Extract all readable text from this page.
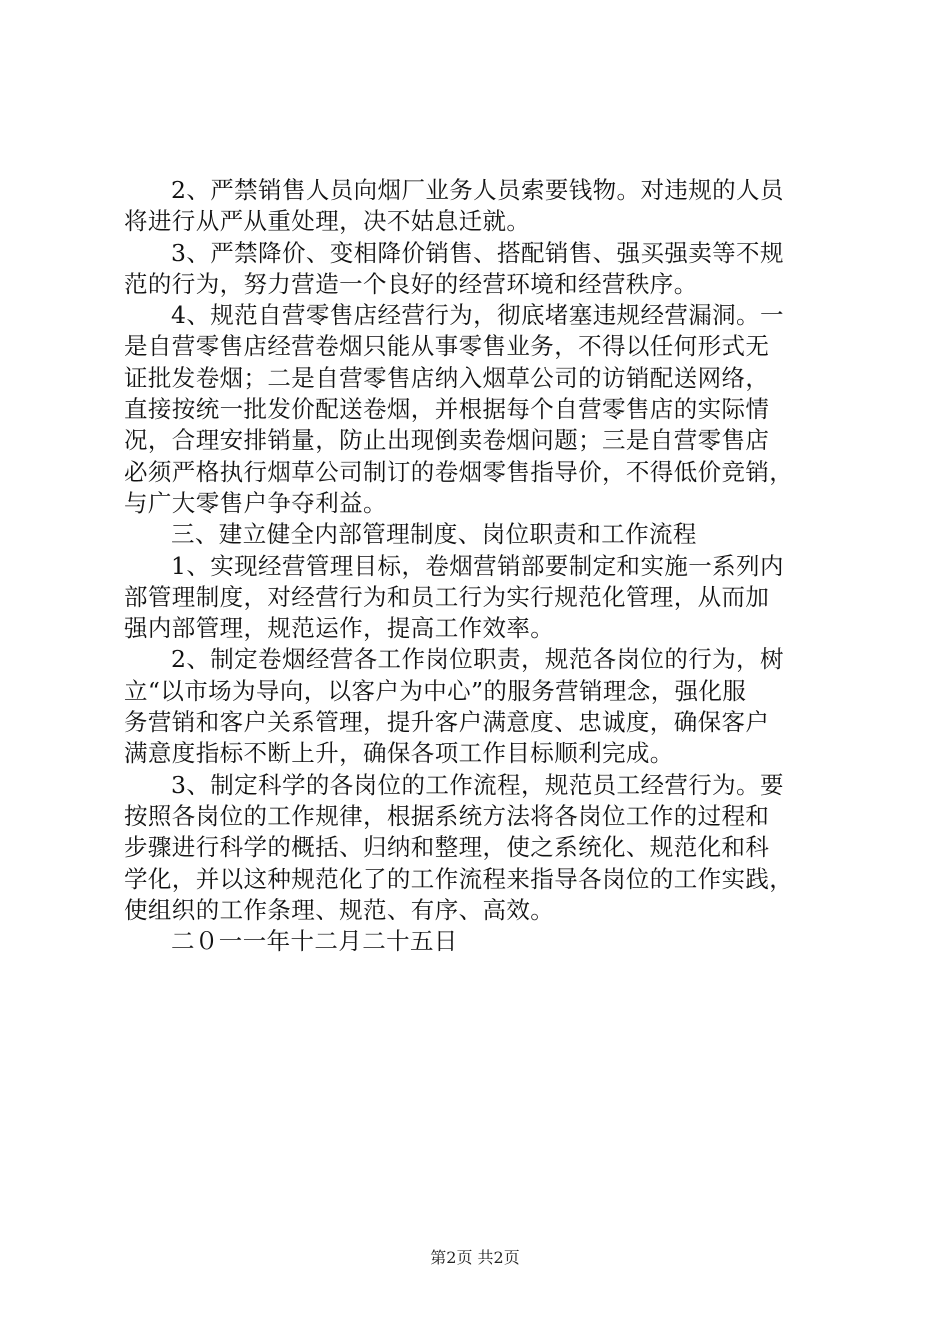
2、严禁销售人员向烟厂业务人员索要钱物。对违规的人员
将进行从严从重处理，决不姑息迁就。
3、严禁降价、变相降价销售、搭配销售、强买强卖等不规
范的行为，努力营造一个良好的经营环境和经营秩序。
4、规范自营零售店经营行为，彻底堵塞违规经营漏洞。一
是自营零售店经营卷烟只能从事零售业务，不得以任何形式无
证批发卷烟；二是自营零售店纳入烟草公司的访销配送网络，
直接按统一批发价配送卷烟，并根据每个自营零售店的实际情
况，合理安排销量，防止出现倒卖卷烟问题；三是自营零售店
必须严格执行烟草公司制订的卷烟零售指导价，不得低价竞销，
与广大零售户争夺利益。
三、建立健全内部管理制度、岗位职责和工作流程
1、实现经营管理目标，卷烟营销部要制定和实施一系列内
部管理制度，对经营行为和员工行为实行规范化管理，从而加
强内部管理，规范运作，提高工作效率。
2、制定卷烟经营各工作岗位职责，规范各岗位的行为，树
立“以市场为导向，以客户为中心”的服务营销理念，强化服
务营销和客户关系管理，提升客户满意度、忠诚度，确保客户
满意度指标不断上升，确保各项工作目标顺利完成。
3、制定科学的各岗位的工作流程，规范员工经营行为。要
按照各岗位的工作规律，根据系统方法将各岗位工作的过程和
步骤进行科学的概括、归纳和整理，使之系统化、规范化和科
学化，并以这种规范化了的工作流程来指导各岗位的工作实践，
使组织的工作条理、规范、有序、高效。
二０一一年十二月二十五日
第2页 共2页
